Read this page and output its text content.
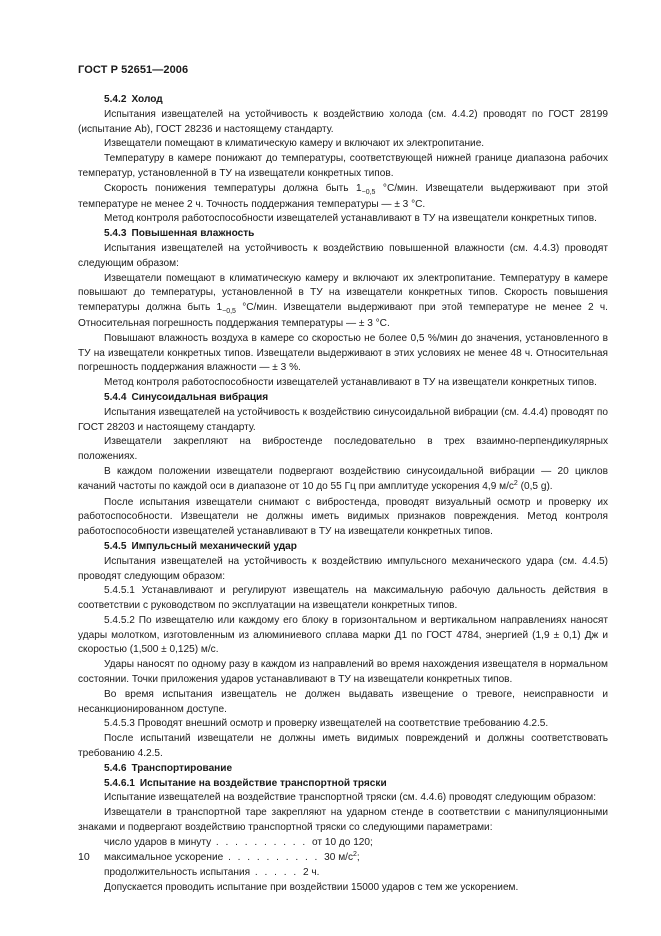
ГОСТ Р 52651—2006

5.4.2 Холод

Испытания извещателей на устойчивость к воздействию холода (см. 4.4.2) проводят по ГОСТ 28199 (испытание Ab), ГОСТ 28236 и настоящему стандарту.

Извещатели помещают в климатическую камеру и включают их электропитание.

Температуру в камере понижают до температуры, соответствующей нижней границе диапазона рабочих температур, установленной в ТУ на извещатели конкретных типов.

Скорость понижения температуры должна быть $1_{-0,5}$ °С/мин. Извещатели выдерживают при этой температуре не менее 2 ч. Точность поддержания температуры — ± 3 °С.

Метод контроля работоспособности извещателей устанавливают в ТУ на извещатели конкретных типов.

5.4.3 Повышенная влажность

Испытания извещателей на устойчивость к воздействию повышенной влажности (см. 4.4.3) проводят следующим образом:

Извещатели помещают в климатическую камеру и включают их электропитание. Температуру в камере повышают до температуры, установленной в ТУ на извещатели конкретных типов. Скорость повышения температуры должна быть $1_{-0,5}$ °С/мин. Извещатели выдерживают при этой температуре не менее 2 ч. Относительная погрешность поддержания температуры — ± 3 °С.

Повышают влажность воздуха в камере со скоростью не более 0,5 %/мин до значения, установленного в ТУ на извещатели конкретных типов. Извещатели выдерживают в этих условиях не менее 48 ч. Относительная погрешность поддержания влажности — ± 3 %.

Метод контроля работоспособности извещателей устанавливают в ТУ на извещатели конкретных типов.

5.4.4 Синусоидальная вибрация

Испытания извещателей на устойчивость к воздействию синусоидальной вибрации (см. 4.4.4) проводят по ГОСТ 28203 и настоящему стандарту.

Извещатели закрепляют на вибростенде последовательно в трех взаимно-перпендикулярных положениях.

В каждом положении извещатели подвергают воздействию синусоидальной вибрации — 20 циклов качаний частоты по каждой оси в диапазоне от 10 до 55 Гц при амплитуде ускорения 4,9 $м/с^2$ (0,5 g).

После испытания извещатели снимают с вибростенда, проводят визуальный осмотр и проверку их работоспособности. Извещатели не должны иметь видимых признаков повреждения. Метод контроля работоспособности извещателей устанавливают в ТУ на извещатели конкретных типов.

5.4.5 Импульсный механический удар

Испытания извещателей на устойчивость к воздействию импульсного механического удара (см. 4.4.5) проводят следующим образом:

5.4.5.1 Устанавливают и регулируют извещатель на максимальную рабочую дальность действия в соответствии с руководством по эксплуатации на извещатели конкретных типов.

5.4.5.2 По извещателю или каждому его блоку в горизонтальном и вертикальном направлениях наносят удары молотком, изготовленным из алюминиевого сплава марки Д1 по ГОСТ 4784, энергией (1,9 ± 0,1) Дж и скоростью (1,500 ± 0,125) м/с.

Удары наносят по одному разу в каждом из направлений во время нахождения извещателя в нормальном состоянии. Точки приложения ударов устанавливают в ТУ на извещатели конкретных типов.

Во время испытания извещатель не должен выдавать извещение о тревоге, неисправности и несанкционированном доступе.

5.4.5.3 Проводят внешний осмотр и проверку извещателей на соответствие требованию 4.2.5.

После испытаний извещатели не должны иметь видимых повреждений и должны соответствовать требованию 4.2.5.

5.4.6 Транспортирование

5.4.6.1 Испытание на воздействие транспортной тряски

Испытание извещателей на воздействие транспортной тряски (см. 4.4.6) проводят следующим образом:

Извещатели в транспортной таре закрепляют на ударном стенде в соответствии с манипуляционными знаками и подвергают воздействию транспортной тряски со следующими параметрами:

число ударов в минуту . . . . . . . . . . от 10 до 120;

максимальное ускорение . . . . . . . . . . 30 $м/с^2$;

продолжительность испытания . . . . . 2 ч.

Допускается проводить испытание при воздействии 15000 ударов с тем же ускорением.

10
